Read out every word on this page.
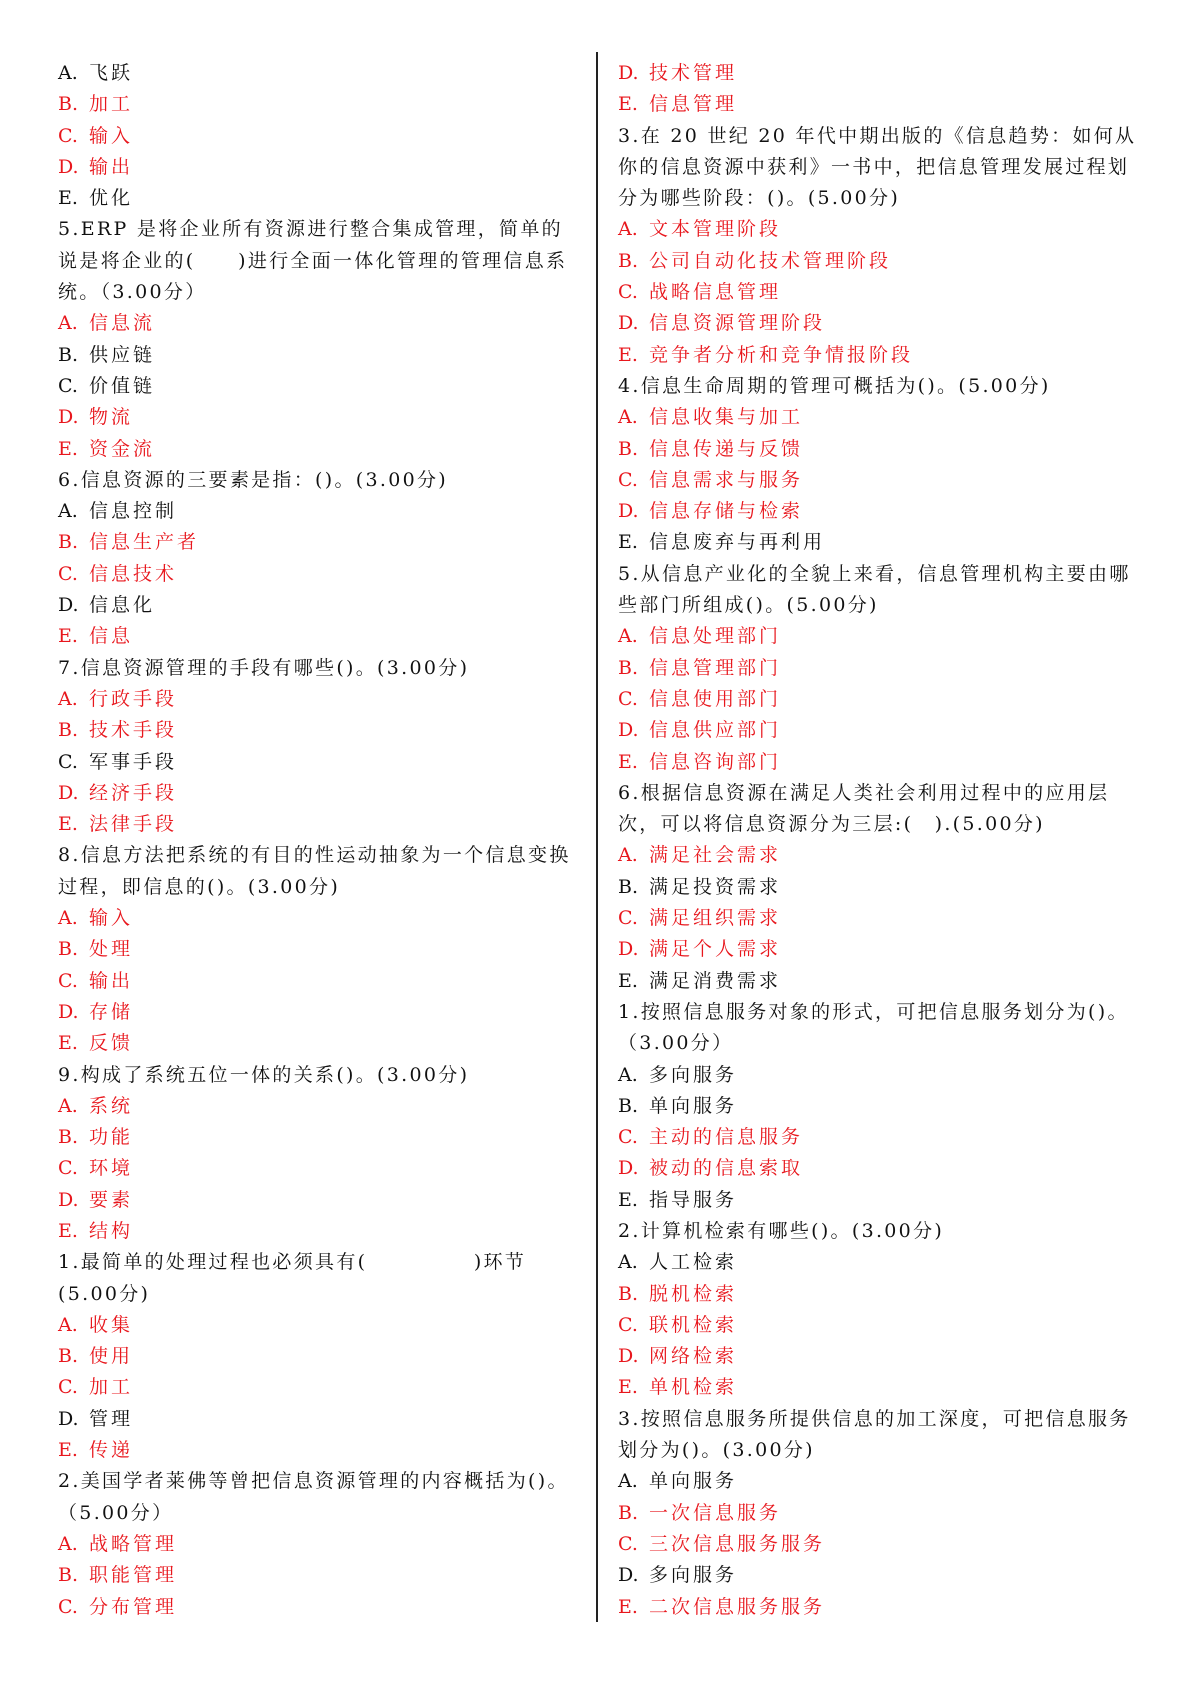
A. 飞跃
B. 加工
C. 输入
D. 输出
E. 优化
5.ERP 是将企业所有资源进行整合集成管理，简单的说是将企业的(　　)进行全面一体化管理的管理信息系统。（3.00分）
A. 信息流
B. 供应链
C. 价值链
D. 物流
E. 资金流
6.信息资源的三要素是指：()。(3.00分)
A. 信息控制
B. 信息生产者
C. 信息技术
D. 信息化
E. 信息
7.信息资源管理的手段有哪些()。(3.00分)
A. 行政手段
B. 技术手段
C. 军事手段
D. 经济手段
E. 法律手段
8.信息方法把系统的有目的性运动抽象为一个信息变换过程，即信息的()。(3.00分)
A. 输入
B. 处理
C. 输出
D. 存储
E. 反馈
9.构成了系统五位一体的关系()。(3.00分)
A. 系统
B. 功能
C. 环境
D. 要素
E. 结构
1.最简单的处理过程也必须具有(　　　　　)环节(5.00分)
A. 收集
B. 使用
C. 加工
D. 管理
E. 传递
2.美国学者莱佛等曾把信息资源管理的内容概括为()。（5.00分）
A. 战略管理
B. 职能管理
C. 分布管理
D. 技术管理
E. 信息管理
3.在 20 世纪 20 年代中期出版的《信息趋势：如何从你的信息资源中获利》一书中，把信息管理发展过程划分为哪些阶段：()。(5.00分)
A. 文本管理阶段
B. 公司自动化技术管理阶段
C. 战略信息管理
D. 信息资源管理阶段
E. 竞争者分析和竞争情报阶段
4.信息生命周期的管理可概括为()。(5.00分)
A. 信息收集与加工
B. 信息传递与反馈
C. 信息需求与服务
D. 信息存储与检索
E. 信息废弃与再利用
5.从信息产业化的全貌上来看，信息管理机构主要由哪些部门所组成()。(5.00分)
A. 信息处理部门
B. 信息管理部门
C. 信息使用部门
D. 信息供应部门
E. 信息咨询部门
6.根据信息资源在满足人类社会利用过程中的应用层次，可以将信息资源分为三层:(　).(5.00分)
A. 满足社会需求
B. 满足投资需求
C. 满足组织需求
D. 满足个人需求
E. 满足消费需求
1.按照信息服务对象的形式，可把信息服务划分为()。（3.00分）
A. 多向服务
B. 单向服务
C. 主动的信息服务
D. 被动的信息索取
E. 指导服务
2.计算机检索有哪些()。(3.00分)
A. 人工检索
B. 脱机检索
C. 联机检索
D. 网络检索
E. 单机检索
3.按照信息服务所提供信息的加工深度，可把信息服务划分为()。(3.00分)
A. 单向服务
B. 一次信息服务
C. 三次信息服务服务
D. 多向服务
E. 二次信息服务服务
